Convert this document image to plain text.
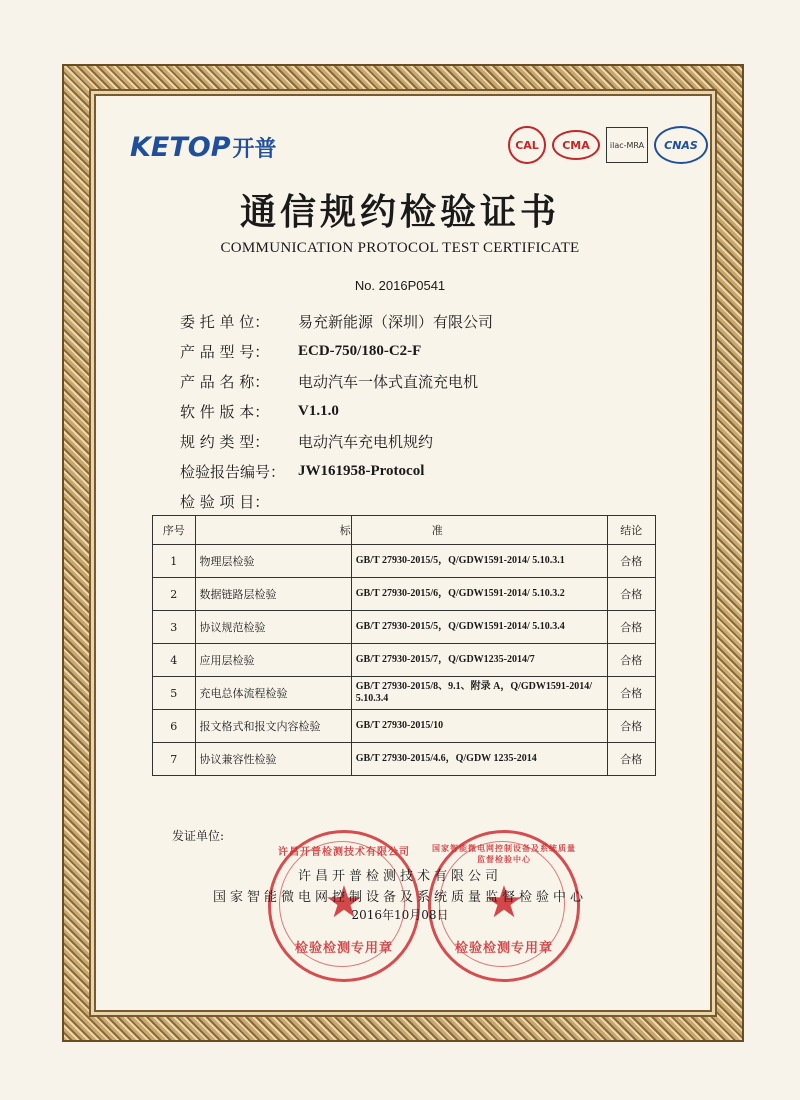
KETOP 开普	CAL	CMA	ilac-MRA	CNAS
通信规约检验证书
COMMUNICATION PROTOCOL TEST CERTIFICATE
No. 2016P0541
委 托 单 位：	易充新能源（深圳）有限公司
产 品 型 号：	ECD-750/180-C2-F
产 品 名 称：	电动汽车一体式直流充电机
软 件 版 本：	V1.1.0
规 约 类 型：	电动汽车充电机规约
检验报告编号： JW161958-Protocol
检 验 项 目：
序号	标	准	结论
1	物理层检验	GB/T 27930-2015/5，Q/GDW1591-2014/ 5.10.3.1	合格
2	数据链路层检验	GB/T 27930-2015/6，Q/GDW1591-2014/ 5.10.3.2	合格
3	协议规范检验	GB/T 27930-2015/5，Q/GDW1591-2014/ 5.10.3.4	合格
4	应用层检验	GB/T 27930-2015/7，Q/GDW1235-2014/7	合格
5	充电总体流程检验	GB/T 27930-2015/8、9.1、附录 A，Q/GDW1591-2014/ 5.10.3.4	合格
6	报文格式和报文内容检验	GB/T 27930-2015/10	合格
7	协议兼容性检验	GB/T 27930-2015/4.6，Q/GDW 1235-2014	合格
发证单位:
许昌开普检测技术有限公司
★
检验检测专用章
国家智能微电网控制设备及系统质量监督检验中心
★
检验检测专用章
许昌开普检测技术有限公司
国家智能微电网控制设备及系统质量监督检验中心
2016年10月08日
